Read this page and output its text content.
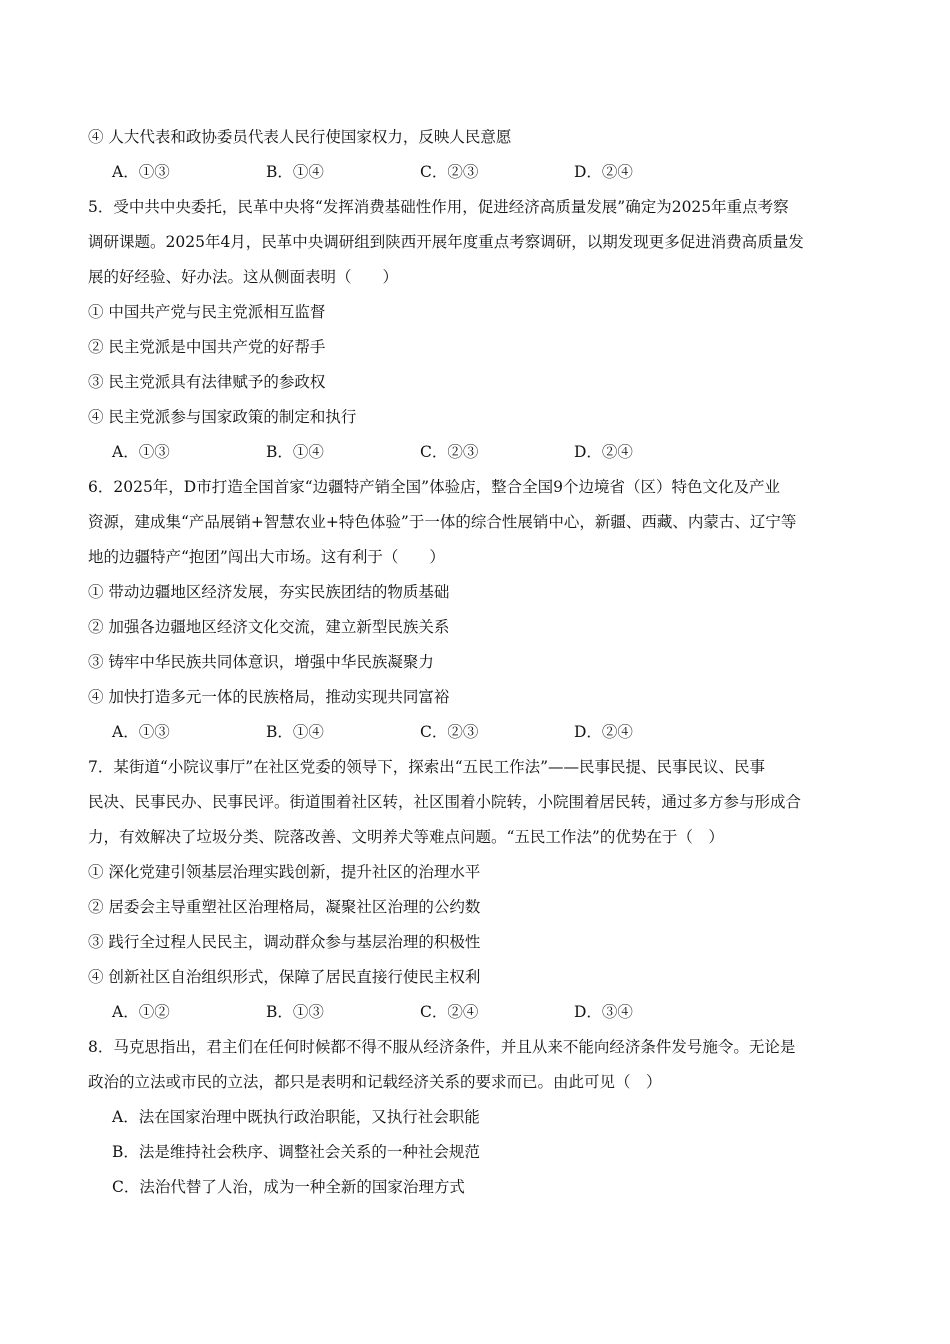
④ 人大代表和政协委员代表人民行使国家权力，反映人民意愿
A．①③	B．①④	C．②③	D．②④
5．受中共中央委托，民革中央将“发挥消费基础性作用，促进经济高质量发展”确定为2025年重点考察
调研课题。2025年4月，民革中央调研组到陕西开展年度重点考察调研，以期发现更多促进消费高质量发
展的好经验、好办法。这从侧面表明（　　）
① 中国共产党与民主党派相互监督
② 民主党派是中国共产党的好帮手
③ 民主党派具有法律赋予的参政权
④ 民主党派参与国家政策的制定和执行
A．①③	B．①④	C．②③	D．②④
6．2025年，D市打造全国首家“边疆特产销全国”体验店，整合全国9个边境省（区）特色文化及产业
资源，建成集“产品展销+智慧农业+特色体验”于一体的综合性展销中心，新疆、西藏、内蒙古、辽宁等
地的边疆特产“抱团”闯出大市场。这有利于（　　）
① 带动边疆地区经济发展，夯实民族团结的物质基础
② 加强各边疆地区经济文化交流，建立新型民族关系
③ 铸牢中华民族共同体意识，增强中华民族凝聚力
④ 加快打造多元一体的民族格局，推动实现共同富裕
A．①③	B．①④	C．②③	D．②④
7．某街道“小院议事厅”在社区党委的领导下，探索出“五民工作法”——民事民提、民事民议、民事
民决、民事民办、民事民评。街道围着社区转，社区围着小院转，小院围着居民转，通过多方参与形成合
力，有效解决了垃圾分类、院落改善、文明养犬等难点问题。“五民工作法”的优势在于（　）
① 深化党建引领基层治理实践创新，提升社区的治理水平
② 居委会主导重塑社区治理格局，凝聚社区治理的公约数
③ 践行全过程人民民主，调动群众参与基层治理的积极性
④ 创新社区自治组织形式，保障了居民直接行使民主权利
A．①②	B．①③	C．②④	D．③④
8．马克思指出，君主们在任何时候都不得不服从经济条件，并且从来不能向经济条件发号施令。无论是
政治的立法或市民的立法，都只是表明和记载经济关系的要求而已。由此可见（　）
A．法在国家治理中既执行政治职能，又执行社会职能
B．法是维持社会秩序、调整社会关系的一种社会规范
C．法治代替了人治，成为一种全新的国家治理方式
